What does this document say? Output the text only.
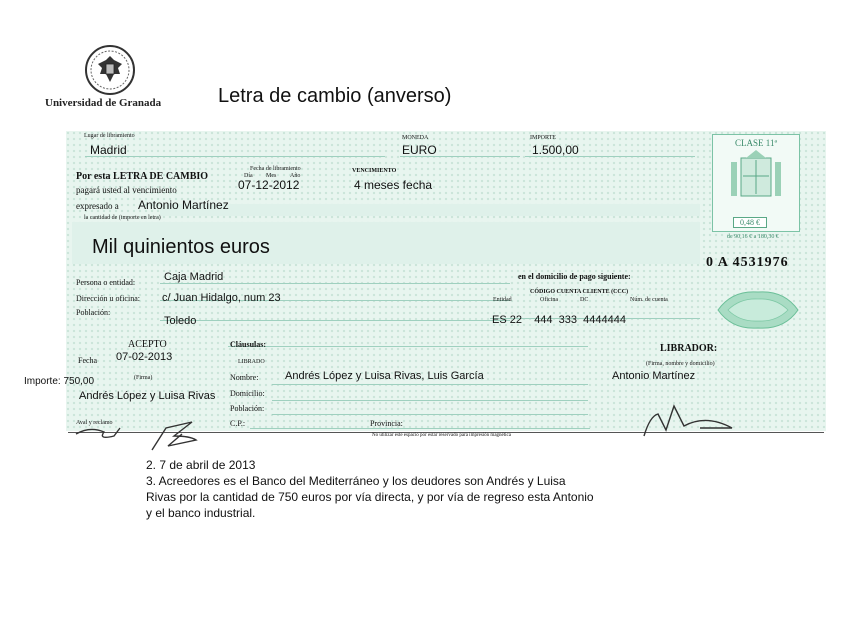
Universidad de Granada	Letra de cambio (anverso)
Lugar de libramiento
Madrid
MONEDA
EURO
IMPORTE
1.500,00	CLASE 11ª
0,48 €
de 90,16 € a 180,30 €
0 A 4531976
Por esta LETRA DE CAMBIO
pagará usted al vencimiento
expresado a Antonio Martínez
Fecha de libramiento
Día Mes Año
07-12-2012
VENCIMIENTO
4 meses fecha
la cantidad de (importe en letra)
Mil quinientos euros
Persona o entidad:	Caja Madrid
Dirección u oficina: c/ Juan Hidalgo, num 23
Población:
Toledo
en el domicilio de pago siguiente:
CÓDIGO CUENTA CLIENTE (CCC)
Entidad	Oficina	DC	Núm. de cuenta
ES 22    444  333  4444444
ACEPTO
Fecha 07-02-2013
(Firma)
Importe: 750,00
Andrés López y Luisa Rivas
Aval y reclamo
Cláusulas:
LIBRADO
Nombre: Andrés López y Luisa Rivas, Luis García
Domicilio:
Población:
C.P.:	Provincia:
LIBRADOR:
(Firma, nombre y domicilio)
Antonio Martínez
No utilizar este espacio por estar reservado para impresión magnética
2. 7 de abril de 2013
3. Acreedores es el Banco del Mediterráneo y los deudores son Andrés y Luisa
Rivas por la cantidad de 750 euros por vía directa, y por vía de regreso esta Antonio
y el banco industrial.
